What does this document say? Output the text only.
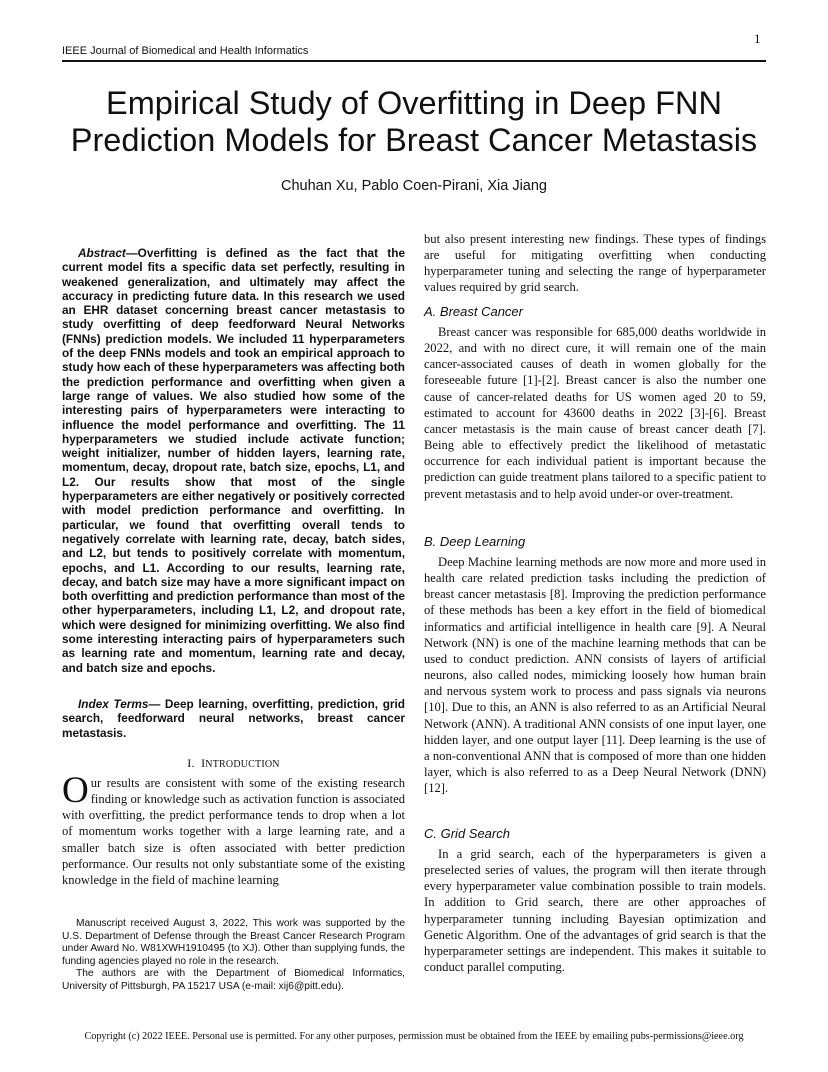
1
IEEE Journal of Biomedical and Health Informatics
Empirical Study of Overfitting in Deep FNN
Prediction Models for Breast Cancer Metastasis
Chuhan Xu, Pablo Coen-Pirani, Xia Jiang

Abstract—Overfitting is defined as the fact that the current model fits a specific data set perfectly, resulting in weakened generalization, and ultimately may affect the accuracy in predicting future data. In this research we used an EHR dataset concerning breast cancer metastasis to study overfitting of deep feedforward Neural Networks (FNNs) prediction models. We included 11 hyperparameters of the deep FNNs models and took an empirical approach to study how each of these hyperparameters was affecting both the prediction performance and overfitting when given a large range of values. We also studied how some of the interesting pairs of hyperparameters were interacting to influence the model performance and overfitting. The 11 hyperparameters we studied include activate function; weight initializer, number of hidden layers, learning rate, momentum, decay, dropout rate, batch size, epochs, L1, and L2. Our results show that most of the single hyperparameters are either negatively or positively corrected with model prediction performance and overfitting. In particular, we found that overfitting overall tends to negatively correlate with learning rate, decay, batch sides, and L2, but tends to positively correlate with momentum, epochs, and L1. According to our results, learning rate, decay, and batch size may have a more significant impact on both overfitting and prediction performance than most of the other hyperparameters, including L1, L2, and dropout rate, which were designed for minimizing overfitting. We also find some interesting interacting pairs of hyperparameters such as learning rate and momentum, learning rate and decay, and batch size and epochs.

Index Terms— Deep learning, overfitting, prediction, grid search, feedforward neural networks, breast cancer metastasis.

I. INTRODUCTION

Our results are consistent with some of the existing research finding or knowledge such as activation function is associated with overfitting, the predict performance tends to drop when a lot of momentum works together with a large learning rate, and a smaller batch size is often associated with better prediction performance. Our results not only substantiate some of the existing knowledge in the field of machine learning

Manuscript received August 3, 2022, This work was supported by the U.S. Department of Defense through the Breast Cancer Research Program under Award No. W81XWH1910495 (to XJ). Other than supplying funds, the funding agencies played no role in the research.

The authors are with the Department of Biomedical Informatics, University of Pittsburgh, PA 15217 USA (e-mail: xij6@pitt.edu).

but also present interesting new findings. These types of findings are useful for mitigating overfitting when conducting hyperparameter tuning and selecting the range of hyperparameter values required by grid search.

A. Breast Cancer

Breast cancer was responsible for 685,000 deaths worldwide in 2022, and with no direct cure, it will remain one of the main cancer-associated causes of death in women globally for the foreseeable future [1]-[2]. Breast cancer is also the number one cause of cancer-related deaths for US women aged 20 to 59, estimated to account for 43600 deaths in 2022 [3]-[6]. Breast cancer metastasis is the main cause of breast cancer death [7]. Being able to effectively predict the likelihood of metastatic occurrence for each individual patient is important because the prediction can guide treatment plans tailored to a specific patient to prevent metastasis and to help avoid under-or over-treatment.

B. Deep Learning

Deep Machine learning methods are now more and more used in health care related prediction tasks including the prediction of breast cancer metastasis [8]. Improving the prediction performance of these methods has been a key effort in the field of biomedical informatics and artificial intelligence in health care [9]. A Neural Network (NN) is one of the machine learning methods that can be used to conduct prediction. ANN consists of layers of artificial neurons, also called nodes, mimicking loosely how human brain and nervous system work to process and pass signals via neurons [10]. Due to this, an ANN is also referred to as an Artificial Neural Network (ANN). A traditional ANN consists of one input layer, one hidden layer, and one output layer [11]. Deep learning is the use of a non-conventional ANN that is composed of more than one hidden layer, which is also referred to as a Deep Neural Network (DNN) [12].

C. Grid Search

In a grid search, each of the hyperparameters is given a preselected series of values, the program will then iterate through every hyperparameter value combination possible to train models. In addition to Grid search, there are other approaches of hyperparameter tunning including Bayesian optimization and Genetic Algorithm. One of the advantages of grid search is that the hyperparameter settings are independent. This makes it suitable to conduct parallel computing.

Copyright (c) 2022 IEEE. Personal use is permitted. For any other purposes, permission must be obtained from the IEEE by emailing pubs-permissions@ieee.org
